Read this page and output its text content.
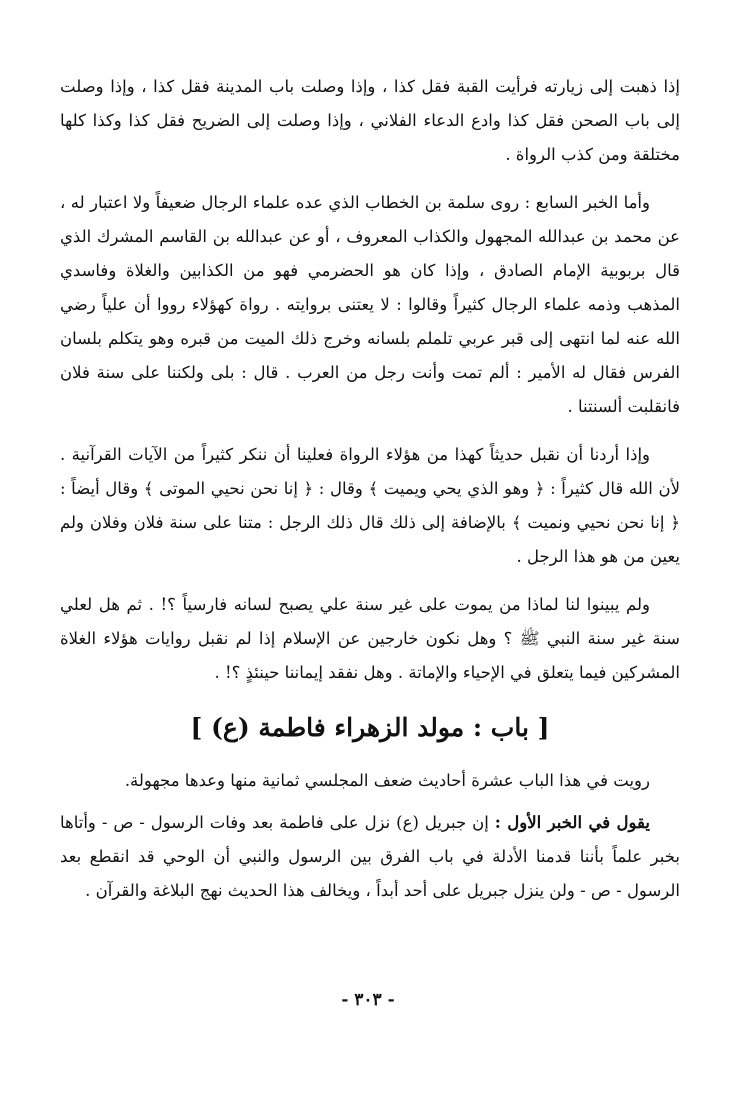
إذا ذهبت إلى زيارته فرأيت القبة فقل كذا ، وإذا وصلت باب المدينة فقل كذا ، وإذا وصلت إلى باب الصحن فقل كذا وادع الدعاء الفلاني ، وإذا وصلت إلى الضريح فقل كذا وكذا كلها مختلقة ومن كذب الرواة .

وأما الخبر السابع : روى سلمة بن الخطاب الذي عده علماء الرجال ضعيفاً ولا اعتبار له ، عن محمد بن عبدالله المجهول والكذاب المعروف ، أو عن عبدالله بن القاسم المشرك الذي قال بربوبية الإمام الصادق ، وإذا كان هو الحضرمي فهو من الكذابين والغلاة وفاسدي المذهب وذمه علماء الرجال كثيراً وقالوا : لا يعتنى بروايته . رواة كهؤلاء رووا أن علياً رضي الله عنه لما انتهى إلى قبر عربي تلملم بلسانه وخرج ذلك الميت من قبره وهو يتكلم بلسان الفرس فقال له الأمير : ألم تمت وأنت رجل من العرب . قال : بلى ولكننا على سنة فلان فانقلبت ألسنتنا .

وإذا أردنا أن نقبل حديثاً كهذا من هؤلاء الرواة فعلينا أن ننكر كثيراً من الآيات القرآنية . لأن الله قال كثيراً : ﴿ وهو الذي يحي ويميت ﴾ وقال : ﴿ إنا نحن نحيي الموتى ﴾ وقال أيضاً : ﴿ إنا نحن نحيي ونميت ﴾ بالإضافة إلى ذلك قال ذلك الرجل : متنا على سنة فلان وفلان ولم يعين من هو هذا الرجل .

ولم يبينوا لنا لماذا من يموت على غير سنة علي يصبح لسانه فارسياً ؟! . ثم هل لعلي سنة غير سنة النبي ﷺ ؟ وهل نكون خارجين عن الإسلام إذا لم نقبل روايات هؤلاء الغلاة المشركين فيما يتعلق في الإحياء والإماتة . وهل نفقد إيماننا حينئذٍ ؟! .

[ باب : مولد الزهراء فاطمة (ع) ]

رويت في هذا الباب عشرة أحاديث ضعف المجلسي ثمانية منها وعدها مجهولة.

يقول في الخبر الأول : إن جبريل (ع) نزل على فاطمة بعد وفات الرسول - ص - وأتاها بخبر علماً بأننا قدمنا الأدلة في باب الفرق بين الرسول والنبي أن الوحي قد انقطع بعد الرسول - ص - ولن ينزل جبريل على أحد أبداً ، ويخالف هذا الحديث نهج البلاغة والقرآن .

- ٣٠٣ -
